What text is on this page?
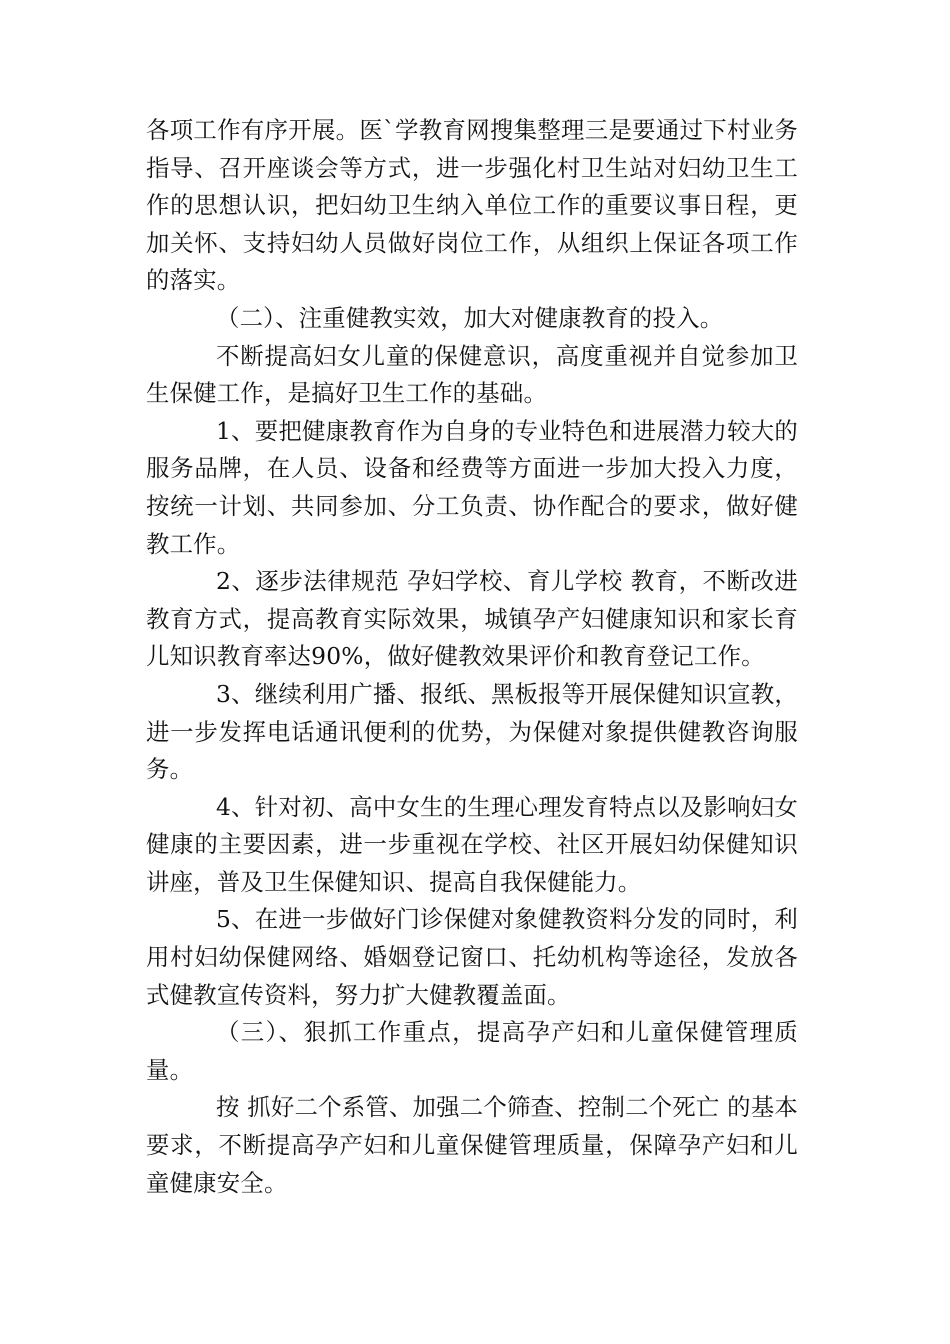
各项工作有序开展。医`学教育网搜集整理三是要通过下村业务指导、召开座谈会等方式，进一步强化村卫生站对妇幼卫生工作的思想认识，把妇幼卫生纳入单位工作的重要议事日程，更加关怀、支持妇幼人员做好岗位工作，从组织上保证各项工作的落实。

（二）、注重健教实效，加大对健康教育的投入。

不断提高妇女儿童的保健意识，高度重视并自觉参加卫生保健工作，是搞好卫生工作的基础。

1、要把健康教育作为自身的专业特色和进展潜力较大的服务品牌，在人员、设备和经费等方面进一步加大投入力度，按统一计划、共同参加、分工负责、协作配合的要求，做好健教工作。

2、逐步法律规范 孕妇学校、育儿学校 教育，不断改进教育方式，提高教育实际效果，城镇孕产妇健康知识和家长育儿知识教育率达90%，做好健教效果评价和教育登记工作。

3、继续利用广播、报纸、黑板报等开展保健知识宣教，进一步发挥电话通讯便利的优势，为保健对象提供健教咨询服务。

4、针对初、高中女生的生理心理发育特点以及影响妇女健康的主要因素，进一步重视在学校、社区开展妇幼保健知识讲座，普及卫生保健知识、提高自我保健能力。

5、在进一步做好门诊保健对象健教资料分发的同时，利用村妇幼保健网络、婚姻登记窗口、托幼机构等途径，发放各式健教宣传资料，努力扩大健教覆盖面。

（三）、狠抓工作重点，提高孕产妇和儿童保健管理质量。

按 抓好二个系管、加强二个筛查、控制二个死亡 的基本要求，不断提高孕产妇和儿童保健管理质量，保障孕产妇和儿童健康安全。
